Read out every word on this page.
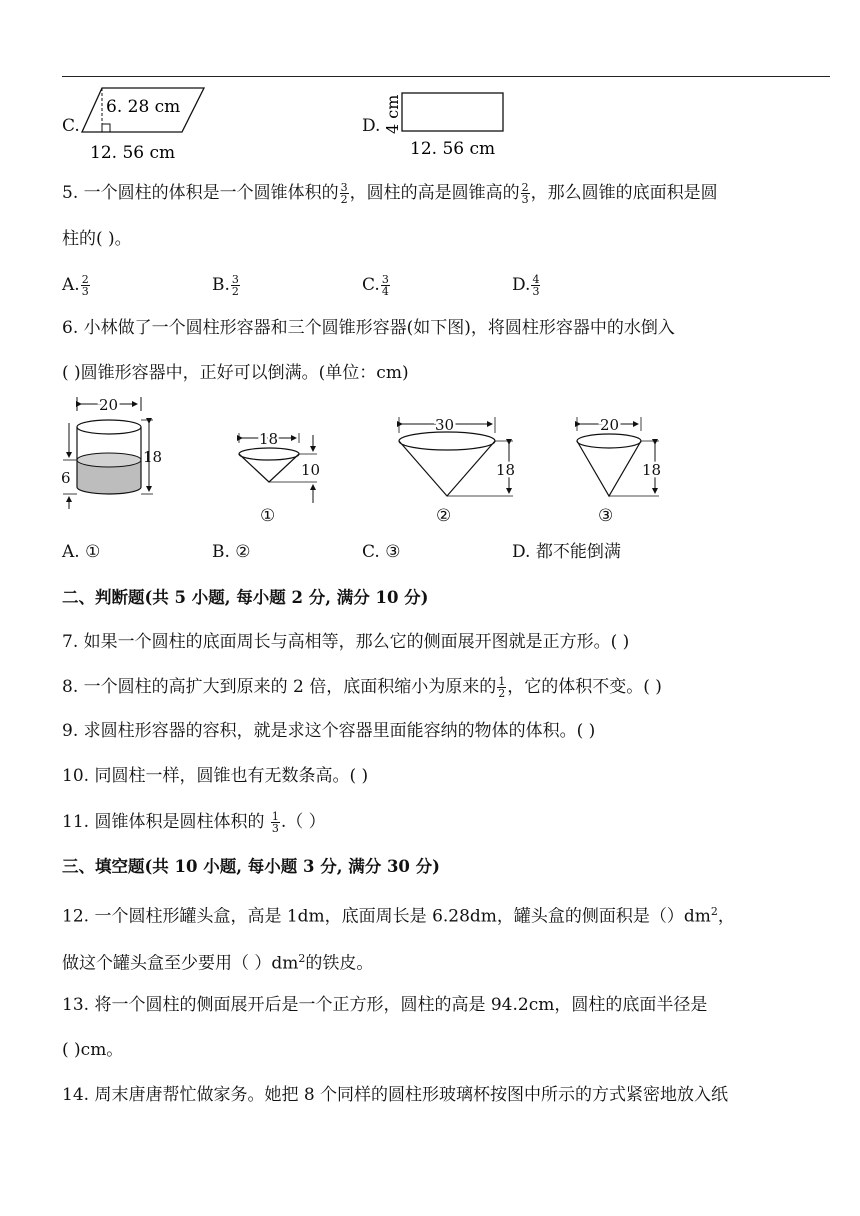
C.
6. 28 cm
12. 56 cm
D. 4 cm
12. 56 cm
5. 一个圆柱的体积是一个圆锥体积的 $\frac{3}{2}$ ，圆柱的高是圆锥高的 $\frac{2}{3}$ ，那么圆锥的底面积是圆
柱的( )。
A. $\frac{2}{3}$	B. $\frac{3}{2}$	C. $\frac{3}{4}$	D. $\frac{4}{3}$
6. 小林做了一个圆柱形容器和三个圆锥形容器(如下图)，将圆柱形容器中的水倒入
( )圆锥形容器中，正好可以倒满。(单位：cm)
20
18
6
18
10
①
30
18
②
20
18
③
A. ①	B. ②	C. ③	D. 都不能倒满
二、判断题(共 5 小题, 每小题 2 分, 满分 10 分)
7. 如果一个圆柱的底面周长与高相等，那么它的侧面展开图就是正方形。( )
8. 一个圆柱的高扩大到原来的 2 倍，底面积缩小为原来的 $\frac{1}{2}$ ，它的体积不变。( )
9. 求圆柱形容器的容积，就是求这个容器里面能容纳的物体的体积。( )
10. 同圆柱一样，圆锥也有无数条高。( )
11. 圆锥体积是圆柱体积的 $\frac{1}{3}$ .（ ）
三、填空题(共 10 小题, 每小题 3 分, 满分 30 分)
12. 一个圆柱形罐头盒，高是 1dm，底面周长是 6.28dm，罐头盒的侧面积是$()dm^2$，
做这个罐头盒至少要用（ ）$dm^2$的铁皮。
13. 将一个圆柱的侧面展开后是一个正方形，圆柱的高是 94.2cm，圆柱的底面半径是
( )cm。
14. 周末唐唐帮忙做家务。她把 8 个同样的圆柱形玻璃杯按图中所示的方式紧密地放入纸
